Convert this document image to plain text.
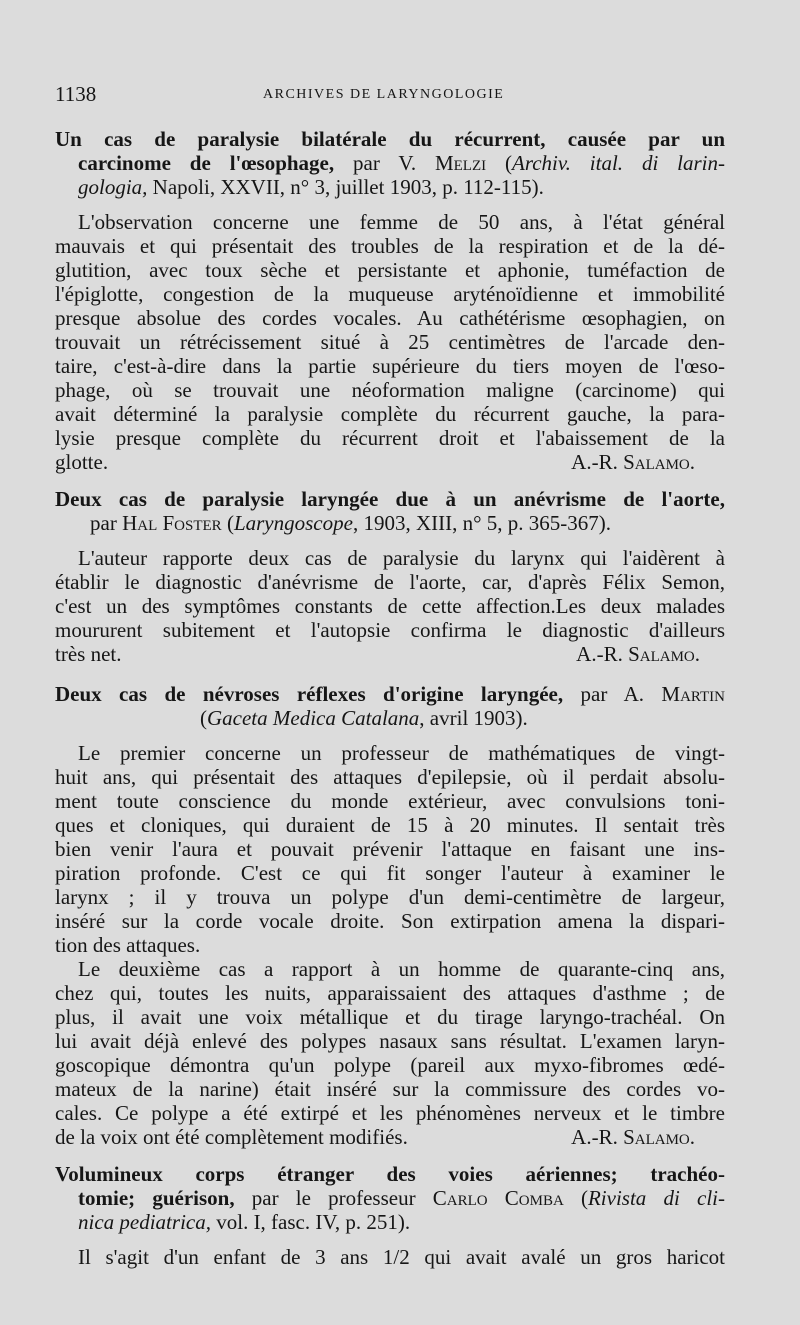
1138	ARCHIVES DE LARYNGOLOGIE
Un cas de paralysie bilatérale du récurrent, causée par un
carcinome de l'œsophage, par V. Melzi (Archiv. ital. di larin-
gologia, Napoli, XXVII, n° 3, juillet 1903, p. 112-115).
L'observation concerne une femme de 50 ans, à l'état général
mauvais et qui présentait des troubles de la respiration et de la dé-
glutition, avec toux sèche et persistante et aphonie, tuméfaction de
l'épiglotte, congestion de la muqueuse aryténoïdienne et immobilité
presque absolue des cordes vocales. Au cathétérisme œsophagien, on
trouvait un rétrécissement situé à 25 centimètres de l'arcade den-
taire, c'est-à-dire dans la partie supérieure du tiers moyen de l'œso-
phage, où se trouvait une néoformation maligne (carcinome) qui
avait déterminé la paralysie complète du récurrent gauche, la para-
lysie presque complète du récurrent droit et l'abaissement de la
glotte.	A.-R. Salamo.
Deux cas de paralysie laryngée due à un anévrisme de l'aorte,
par Hal Foster (Laryngoscope, 1903, XIII, n° 5, p. 365-367).
L'auteur rapporte deux cas de paralysie du larynx qui l'aidèrent à
établir le diagnostic d'anévrisme de l'aorte, car, d'après Félix Semon,
c'est un des symptômes constants de cette affection.Les deux malades
moururent subitement et l'autopsie confirma le diagnostic d'ailleurs
très net.	A.-R. Salamo.
Deux cas de névroses réflexes d'origine laryngée, par A. Martin
(Gaceta Medica Catalana, avril 1903).
Le premier concerne un professeur de mathématiques de vingt-
huit ans, qui présentait des attaques d'epilepsie, où il perdait absolu-
ment toute conscience du monde extérieur, avec convulsions toni-
ques et cloniques, qui duraient de 15 à 20 minutes. Il sentait très
bien venir l'aura et pouvait prévenir l'attaque en faisant une ins-
piration profonde. C'est ce qui fit songer l'auteur à examiner le
larynx ; il y trouva un polype d'un demi-centimètre de largeur,
inséré sur la corde vocale droite. Son extirpation amena la dispari-
tion des attaques.
Le deuxième cas a rapport à un homme de quarante-cinq ans,
chez qui, toutes les nuits, apparaissaient des attaques d'asthme ; de
plus, il avait une voix métallique et du tirage laryngo-trachéal. On
lui avait déjà enlevé des polypes nasaux sans résultat. L'examen laryn-
goscopique démontra qu'un polype (pareil aux myxo-fibromes œdé-
mateux de la narine) était inséré sur la commissure des cordes vo-
cales. Ce polype a été extirpé et les phénomènes nerveux et le timbre
de la voix ont été complètement modifiés.	A.-R. Salamo.
Volumineux corps étranger des voies aériennes; trachéo-
tomie; guérison, par le professeur Carlo Comba (Rivista di cli-
nica pediatrica, vol. I, fasc. IV, p. 251).
Il s'agit d'un enfant de 3 ans 1/2 qui avait avalé un gros haricot
